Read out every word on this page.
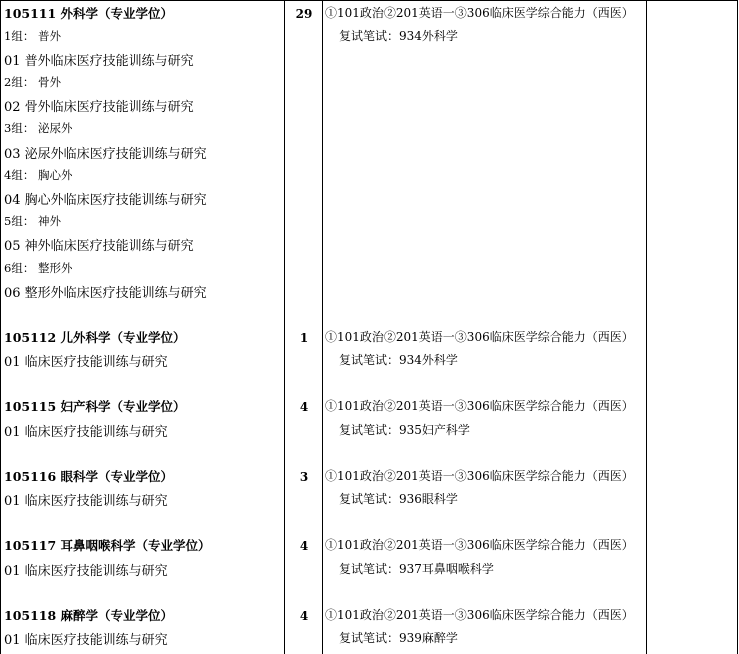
105111 外科学（专业学位）	29	①101政治②201英语一③306临床医学综合能力（西医）
复试笔试：934外科学
1组： 普外
01 普外临床医疗技能训练与研究
2组： 骨外
02 骨外临床医疗技能训练与研究
3组： 泌尿外
03 泌尿外临床医疗技能训练与研究
4组： 胸心外
04 胸心外临床医疗技能训练与研究
5组： 神外
05 神外临床医疗技能训练与研究
6组： 整形外
06 整形外临床医疗技能训练与研究
105112 儿外科学（专业学位）	1	①101政治②201英语一③306临床医学综合能力（西医）
复试笔试：934外科学
01 临床医疗技能训练与研究
105115 妇产科学（专业学位）	4	①101政治②201英语一③306临床医学综合能力（西医）
复试笔试：935妇产科学
01 临床医疗技能训练与研究
105116 眼科学（专业学位）	3	①101政治②201英语一③306临床医学综合能力（西医）
复试笔试：936眼科学
01 临床医疗技能训练与研究
105117 耳鼻咽喉科学（专业学位）	4	①101政治②201英语一③306临床医学综合能力（西医）
复试笔试：937耳鼻咽喉科学
01 临床医疗技能训练与研究
105118 麻醉学（专业学位）	4	①101政治②201英语一③306临床医学综合能力（西医）
复试笔试：939麻醉学
01 临床医疗技能训练与研究
